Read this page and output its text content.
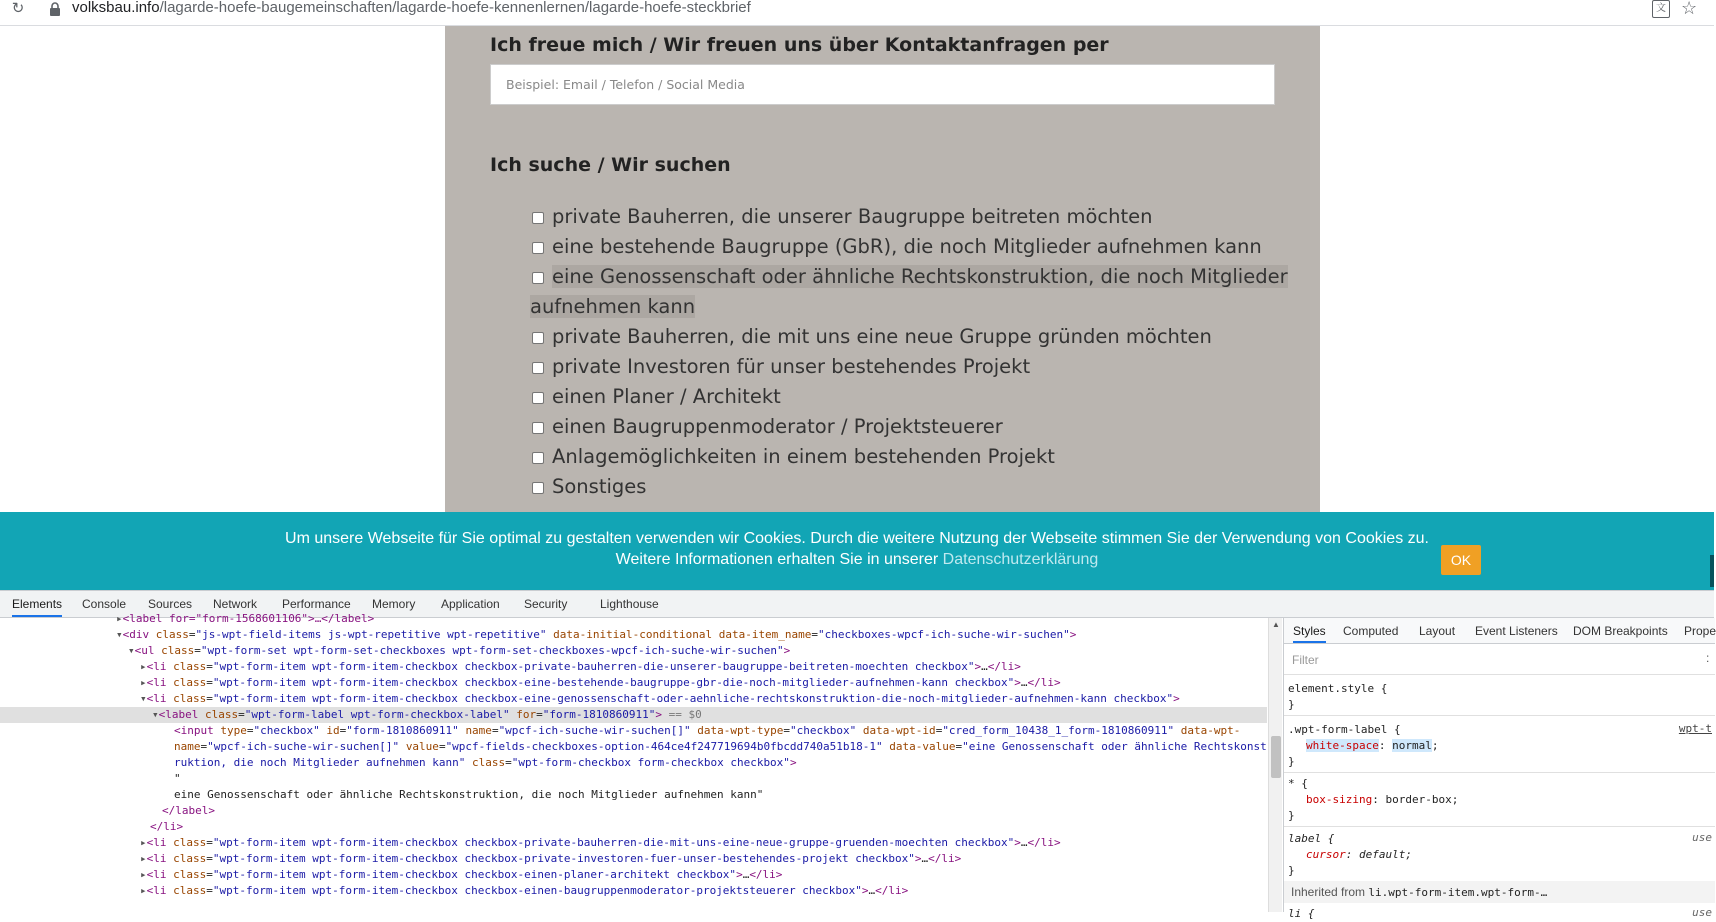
↻	volksbau.info/lagarde-hoefe-baugemeinschaften/lagarde-hoefe-kennenlernen/lagarde-hoefe-steckbrief	文 ☆
Ich freue mich / Wir freuen uns über Kontaktanfragen per
Beispiel: Email / Telefon / Social Media
Ich suche / Wir suchen
private Bauherren, die unserer Baugruppe beitreten möchten
eine bestehende Baugruppe (GbR), die noch Mitglieder aufnehmen kann
eine Genossenschaft oder ähnliche Rechtskonstruktion, die noch Mitglieder aufnehmen kann
private Bauherren, die mit uns eine neue Gruppe gründen möchten
private Investoren für unser bestehendes Projekt
einen Planer / Architekt
einen Baugruppenmoderator / Projektsteuerer
Anlagemöglichkeiten in einem bestehenden Projekt
Sonstiges
Um unsere Webseite für Sie optimal zu gestalten verwenden wir Cookies. Durch die weitere Nutzung der Webseite stimmen Sie der Verwendung von Cookies zu.
Weitere Informationen erhalten Sie in unserer Datenschutzerklärung	OK
Elements Console Sources Network Performance Memory Application Security	Lighthouse
▸<label for="form-1568601106">…</label>
▾<div class="js-wpt-field-items js-wpt-repetitive wpt-repetitive" data-initial-conditional data-item_name="checkboxes-wpcf-ich-suche-wir-suchen">
▾<ul class="wpt-form-set wpt-form-set-checkboxes wpt-form-set-checkboxes-wpcf-ich-suche-wir-suchen">
▸<li class="wpt-form-item wpt-form-item-checkbox checkbox-private-bauherren-die-unserer-baugruppe-beitreten-moechten checkbox">…</li>
▸<li class="wpt-form-item wpt-form-item-checkbox checkbox-eine-bestehende-baugruppe-gbr-die-noch-mitglieder-aufnehmen-kann checkbox">…</li>
▾<li class="wpt-form-item wpt-form-item-checkbox checkbox-eine-genossenschaft-oder-aehnliche-rechtskonstruktion-die-noch-mitglieder-aufnehmen-kann checkbox">
▾<label class="wpt-form-label wpt-form-checkbox-label" for="form-1810860911"> == $0
<input type="checkbox" id="form-1810860911" name="wpcf-ich-suche-wir-suchen[]" data-wpt-type="checkbox" data-wpt-id="cred_form_10438_1_form-1810860911" data-wpt-
name="wpcf-ich-suche-wir-suchen[]" value="wpcf-fields-checkboxes-option-464ce4f247719694b0fbcdd740a51b18-1" data-value="eine Genossenschaft oder ähnliche Rechtskonst
ruktion, die noch Mitglieder aufnehmen kann" class="wpt-form-checkbox form-checkbox checkbox">
"
eine Genossenschaft oder ähnliche Rechtskonstruktion, die noch Mitglieder aufnehmen kann"
</label>
</li>
▸<li class="wpt-form-item wpt-form-item-checkbox checkbox-private-bauherren-die-mit-uns-eine-neue-gruppe-gruenden-moechten checkbox">…</li>
▸<li class="wpt-form-item wpt-form-item-checkbox checkbox-private-investoren-fuer-unser-bestehendes-projekt checkbox">…</li>
▸<li class="wpt-form-item wpt-form-item-checkbox checkbox-einen-planer-architekt checkbox">…</li>
▸<li class="wpt-form-item wpt-form-item-checkbox checkbox-einen-baugruppenmoderator-projektsteuerer checkbox">…</li>
▲ Styles Computed Layout Event Listeners DOM Breakpoints Prope
Filter	:
element.style {
}
.wpt-form-label {	wpt-t
white-space: normal;
}
* {
box-sizing: border-box;
}
label {	use
cursor: default;
}
Inherited from li.wpt-form-item.wpt-form-…
li {	use
